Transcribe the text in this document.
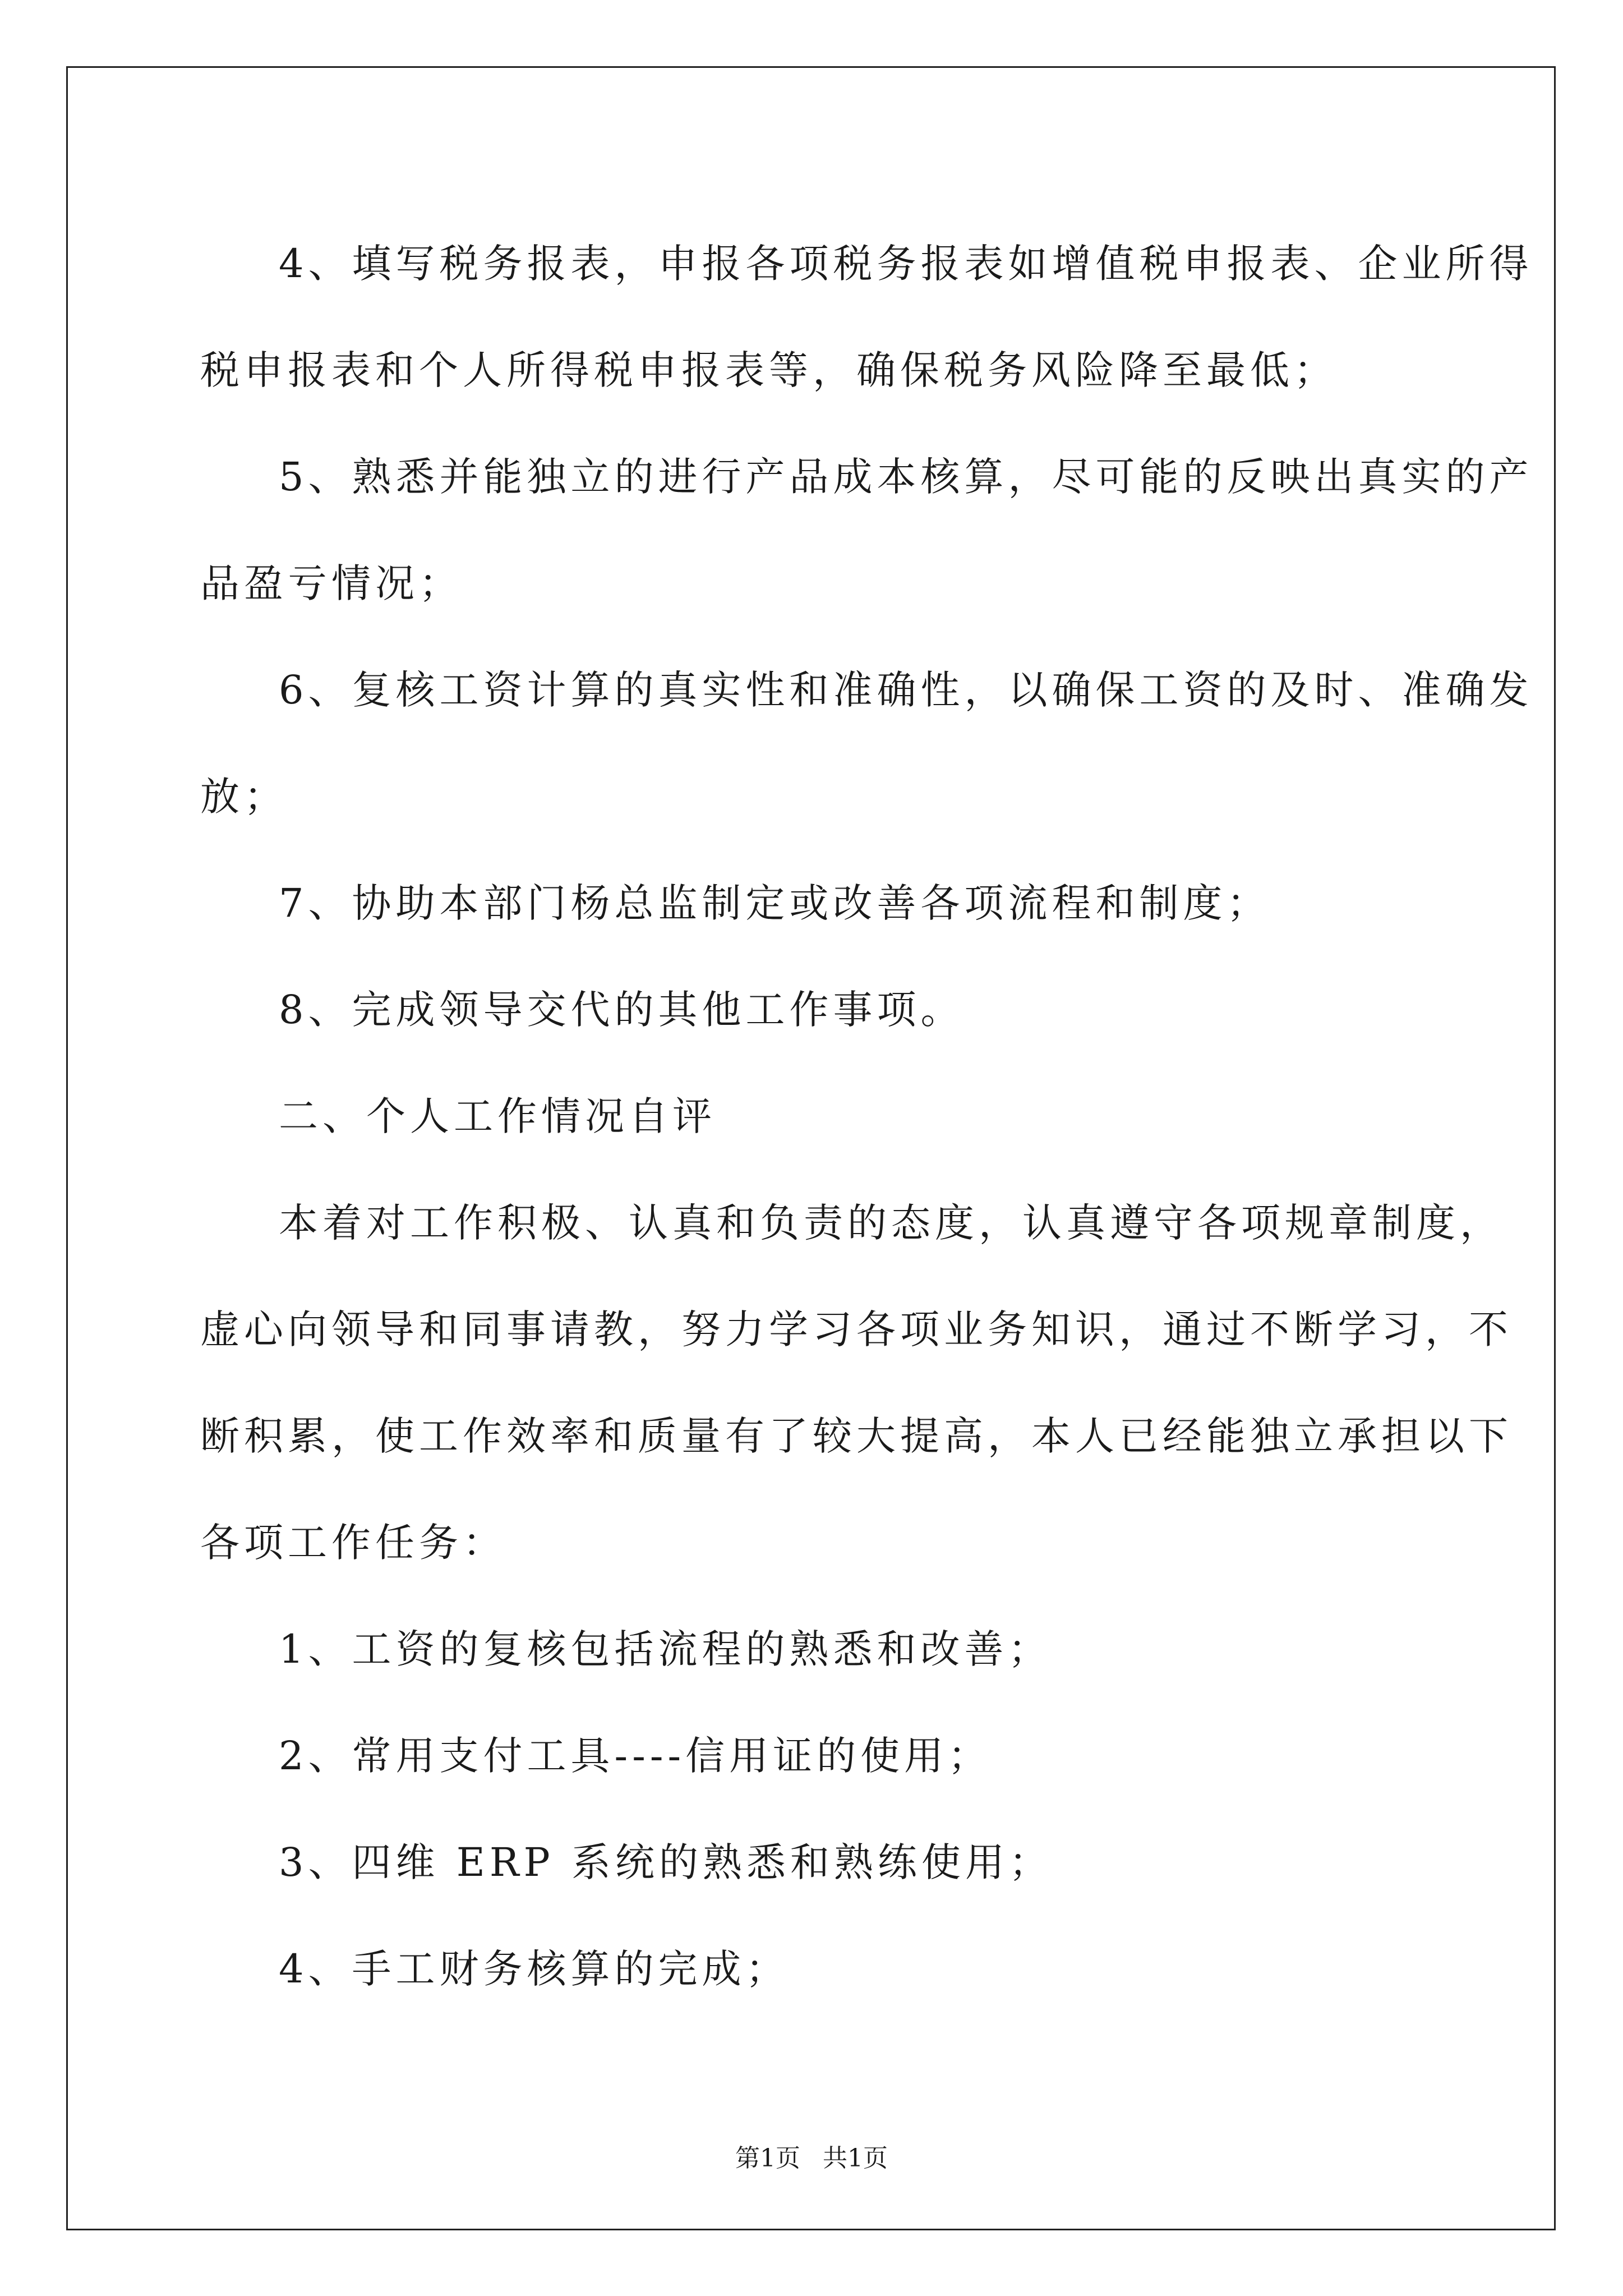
4、填写税务报表，申报各项税务报表如增值税申报表、企业所得

税申报表和个人所得税申报表等，确保税务风险降至最低；

5、熟悉并能独立的进行产品成本核算，尽可能的反映出真实的产

品盈亏情况；

6、复核工资计算的真实性和准确性，以确保工资的及时、准确发

放；

7、协助本部门杨总监制定或改善各项流程和制度；

8、完成领导交代的其他工作事项。

二、个人工作情况自评

本着对工作积极、认真和负责的态度，认真遵守各项规章制度，

虚心向领导和同事请教，努力学习各项业务知识，通过不断学习，不

断积累，使工作效率和质量有了较大提高，本人已经能独立承担以下

各项工作任务：

1、工资的复核包括流程的熟悉和改善；

2、常用支付工具----信用证的使用；

3、四维 ERP 系统的熟悉和熟练使用；

4、手工财务核算的完成；

第1页 共1页
